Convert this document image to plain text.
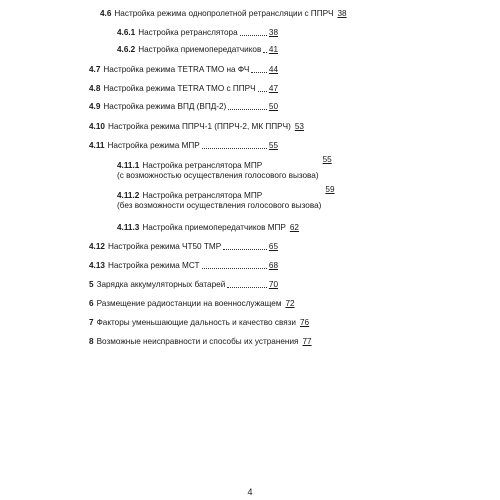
4.6 Настройка режима однопролетной ретрансляции с ППРЧ 38
4.6.1 Настройка ретранслятора	38
4.6.2 Настройка приемопередатчиков 41
4.7 Настройка режима TETRA TMO на ФЧ 44
4.8 Настройка режима TETRA TMO с ППРЧ 47
4.9 Настройка режима ВПД (ВПД-2)	50
4.10 Настройка режима ППРЧ-1 (ППРЧ-2, МК ППРЧ) 53
4.11 Настройка режима МПР	55
4.11.1 Настройка ретранслятора МПР
(с возможностью осуществления голосового вызова)
55
4.11.2 Настройка ретранслятора МПР
(без возможности осуществления голосового вызова)
59
4.11.3 Настройка приемопередатчиков МПР 62
4.12 Настройка режима ЧТ50 ТМР	65
4.13 Настройка режима МСТ	68
5 Зарядка аккумуляторных батарей	70
6 Размещение радиостанции на военнослужащем 72
7 Факторы уменьшающие дальность и качество связи 76
8 Возможные неисправности и способы их устранения 77
4
